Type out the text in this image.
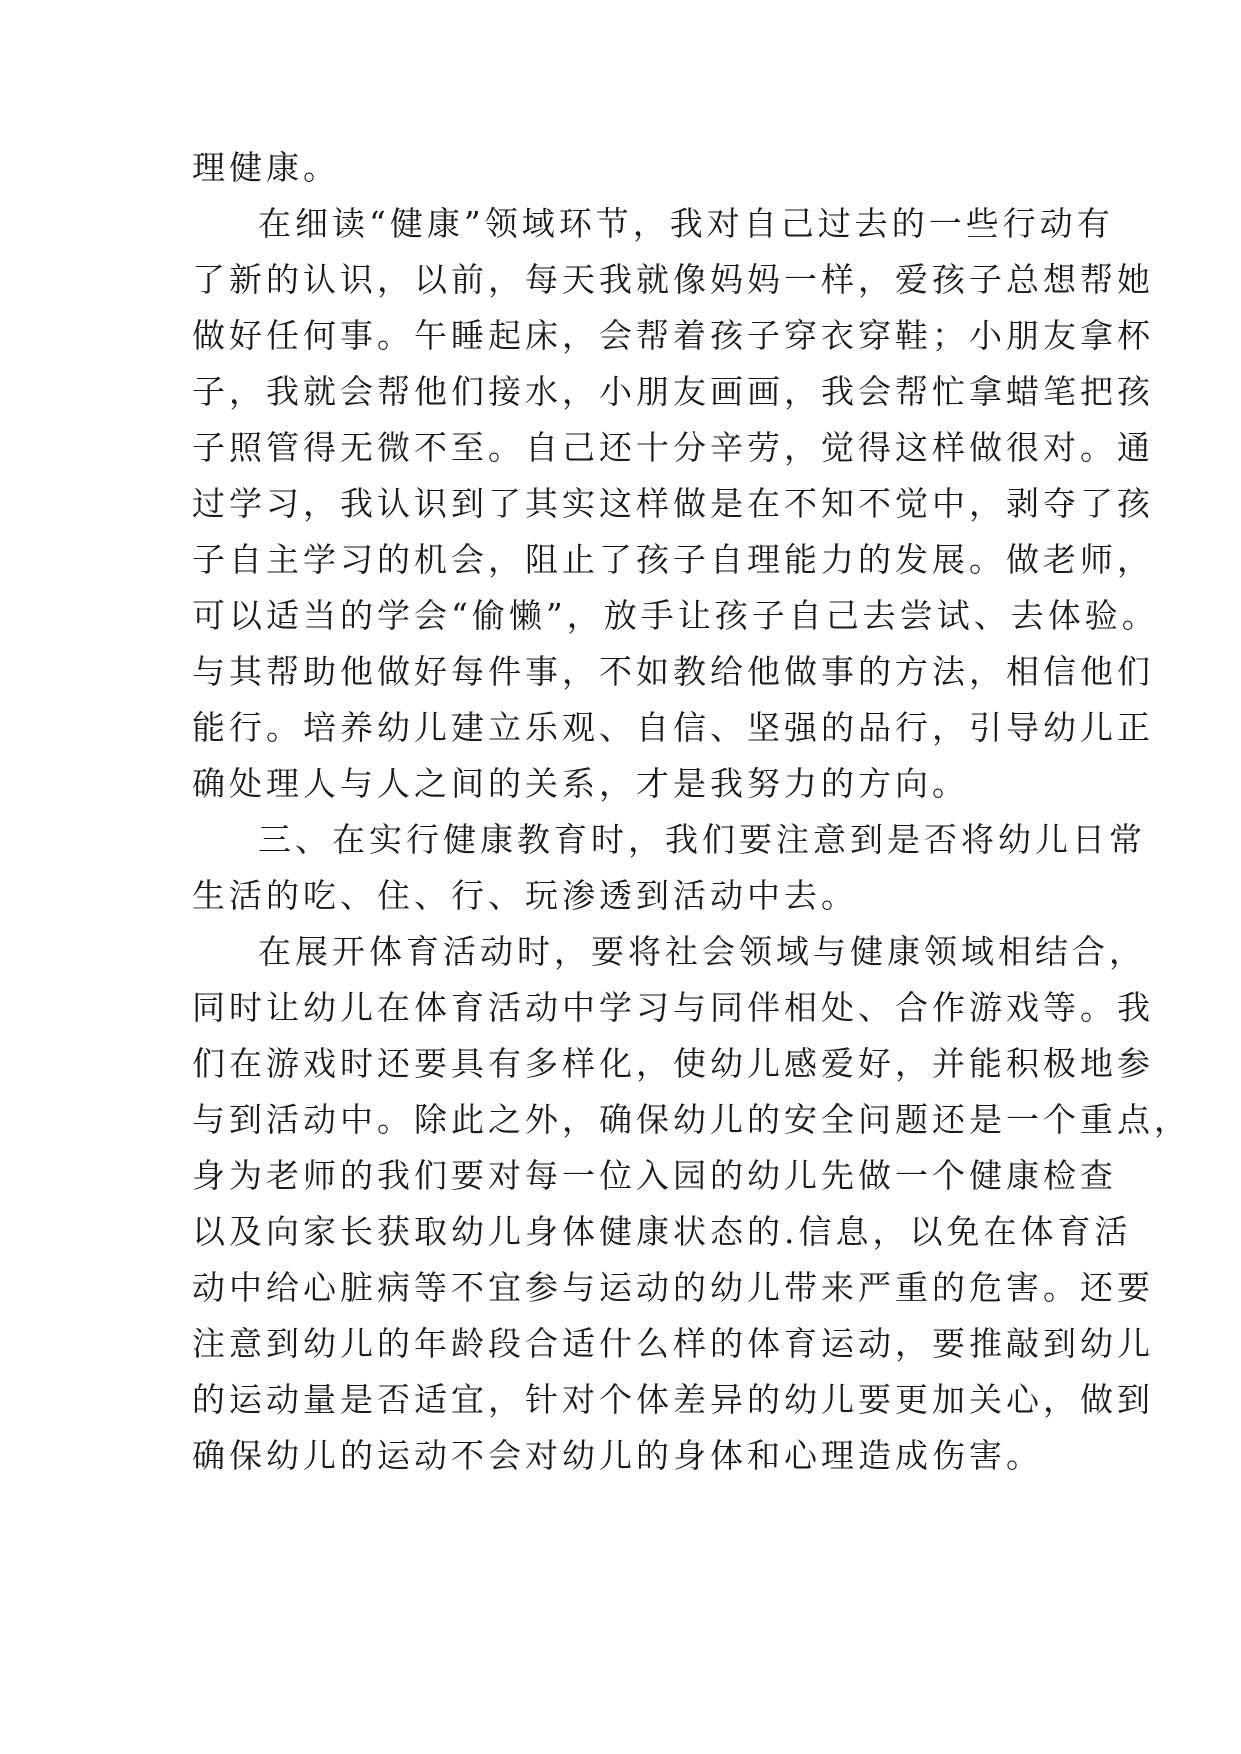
理健康。
在细读“健康”领域环节，我对自己过去的一些行动有
了新的认识，以前，每天我就像妈妈一样，爱孩子总想帮她
做好任何事。午睡起床，会帮着孩子穿衣穿鞋；小朋友拿杯
子，我就会帮他们接水，小朋友画画，我会帮忙拿蜡笔把孩
子照管得无微不至。自己还十分辛劳，觉得这样做很对。通
过学习，我认识到了其实这样做是在不知不觉中，剥夺了孩
子自主学习的机会，阻止了孩子自理能力的发展。做老师，
可以适当的学会“偷懒”，放手让孩子自己去尝试、去体验。
与其帮助他做好每件事，不如教给他做事的方法，相信他们
能行。培养幼儿建立乐观、自信、坚强的品行，引导幼儿正
确处理人与人之间的关系，才是我努力的方向。
三、在实行健康教育时，我们要注意到是否将幼儿日常
生活的吃、住、行、玩渗透到活动中去。
在展开体育活动时，要将社会领域与健康领域相结合，
同时让幼儿在体育活动中学习与同伴相处、合作游戏等。我
们在游戏时还要具有多样化，使幼儿感爱好，并能积极地参
与到活动中。除此之外，确保幼儿的安全问题还是一个重点，
身为老师的我们要对每一位入园的幼儿先做一个健康检查
以及向家长获取幼儿身体健康状态的.信息，以免在体育活
动中给心脏病等不宜参与运动的幼儿带来严重的危害。还要
注意到幼儿的年龄段合适什么样的体育运动，要推敲到幼儿
的运动量是否适宜，针对个体差异的幼儿要更加关心，做到
确保幼儿的运动不会对幼儿的身体和心理造成伤害。
